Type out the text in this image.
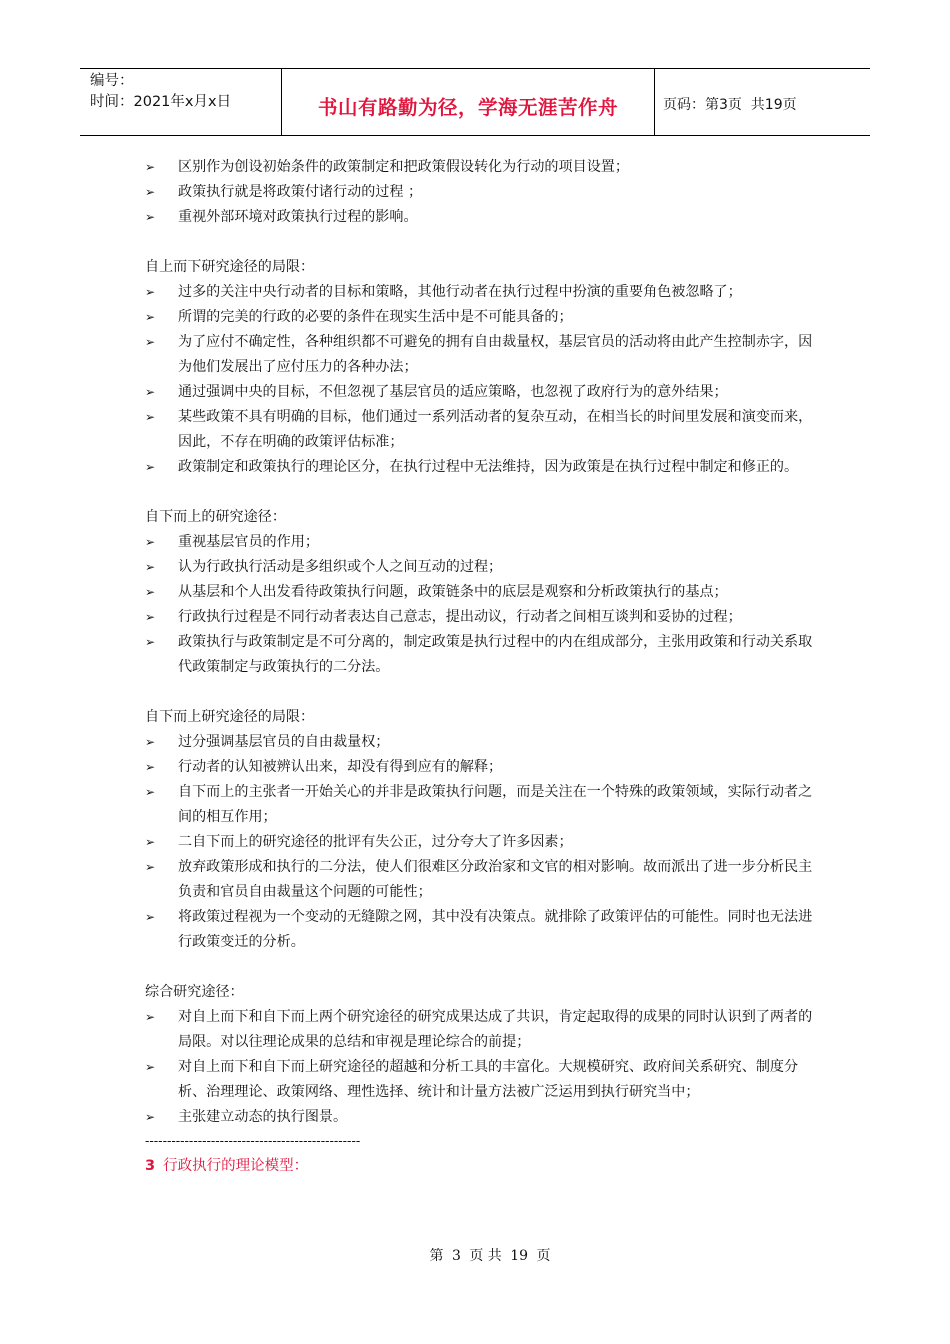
编号：
时间：2021年x月x日	书山有路勤为径，学海无涯苦作舟	页码：第3页  共19页

➢ 区别作为创设初始条件的政策制定和把政策假设转化为行动的项目设置；

➢ 政策执行就是将政策付诸行动的过程 ；

➢ 重视外部环境对政策执行过程的影响。

自上而下研究途径的局限：

➢ 过多的关注中央行动者的目标和策略，其他行动者在执行过程中扮演的重要角色被忽略了；

➢ 所谓的完美的行政的必要的条件在现实生活中是不可能具备的；

➢ 为了应付不确定性，各种组织都不可避免的拥有自由裁量权，基层官员的活动将由此产生控制赤字，因为他们发展出了应付压力的各种办法；

➢ 通过强调中央的目标，不但忽视了基层官员的适应策略，也忽视了政府行为的意外结果；

➢ 某些政策不具有明确的目标，他们通过一系列活动者的复杂互动，在相当长的时间里发展和演变而来，因此，不存在明确的政策评估标准；

➢ 政策制定和政策执行的理论区分，在执行过程中无法维持，因为政策是在执行过程中制定和修正的。

自下而上的研究途径：

➢ 重视基层官员的作用；

➢ 认为行政执行活动是多组织或个人之间互动的过程；

➢ 从基层和个人出发看待政策执行问题，政策链条中的底层是观察和分析政策执行的基点；

➢ 行政执行过程是不同行动者表达自己意志，提出动议，行动者之间相互谈判和妥协的过程；

➢ 政策执行与政策制定是不可分离的，制定政策是执行过程中的内在组成部分，主张用政策和行动关系取代政策制定与政策执行的二分法。

自下而上研究途径的局限：

➢ 过分强调基层官员的自由裁量权；

➢ 行动者的认知被辨认出来，却没有得到应有的解释；

➢ 自下而上的主张者一开始关心的并非是政策执行问题，而是关注在一个特殊的政策领域，实际行动者之间的相互作用；

➢ 二自下而上的研究途径的批评有失公正，过分夸大了许多因素；

➢ 放弃政策形成和执行的二分法，使人们很难区分政治家和文官的相对影响。故而派出了进一步分析民主负责和官员自由裁量这个问题的可能性；

➢ 将政策过程视为一个变动的无缝隙之网，其中没有决策点。就排除了政策评估的可能性。同时也无法进行政策变迁的分析。

综合研究途径：

➢ 对自上而下和自下而上两个研究途径的研究成果达成了共识，肯定起取得的成果的同时认识到了两者的局限。对以往理论成果的总结和审视是理论综合的前提；

➢ 对自上而下和自下而上研究途径的超越和分析工具的丰富化。大规模研究、政府间关系研究、制度分析、治理理论、政策网络、理性选择、统计和计量方法被广泛运用到执行研究当中；

➢ 主张建立动态的执行图景。

-------------------------------------------------

3 行政执行的理论模型：

第 3 页 共 19 页
